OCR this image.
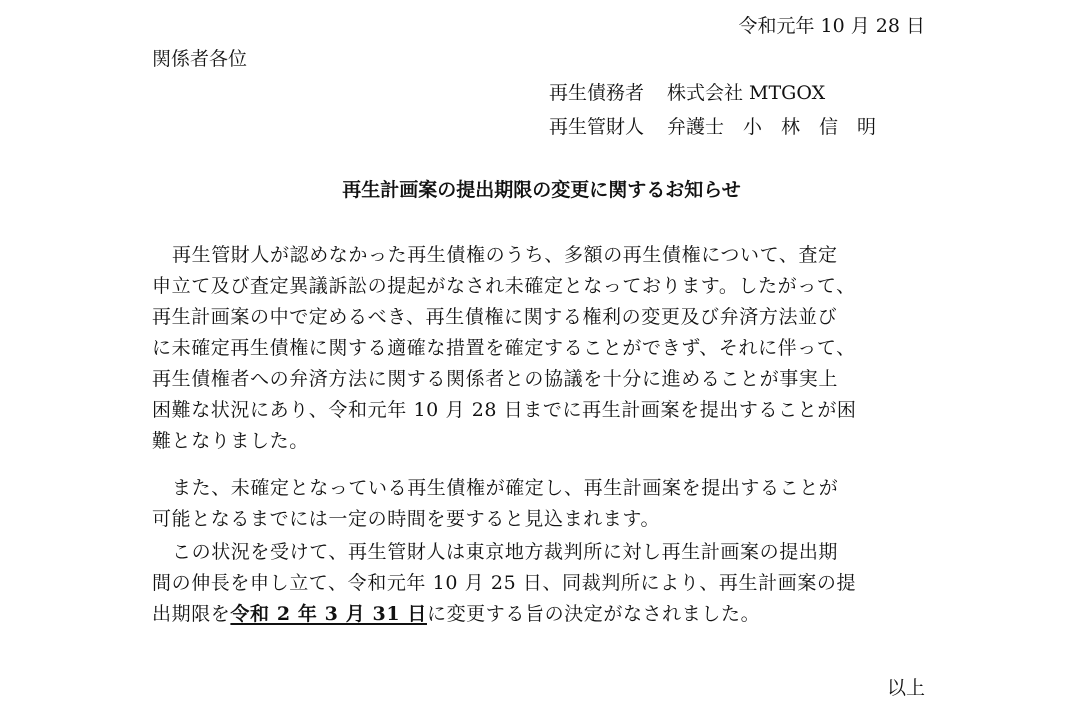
令和元年 10 月 28 日

関係者各位

再生債務者 株式会社 MTGOX

再生管財人 弁護士　小　林　信　明

再生計画案の提出期限の変更に関するお知らせ

再生管財人が認めなかった再生債権のうち、多額の再生債権について、査定
申立て及び査定異議訴訟の提起がなされ未確定となっております。したがって、
再生計画案の中で定めるべき、再生債権に関する権利の変更及び弁済方法並び
に未確定再生債権に関する適確な措置を確定することができず、それに伴って、
再生債権者への弁済方法に関する関係者との協議を十分に進めることが事実上
困難な状況にあり、令和元年 10 月 28 日までに再生計画案を提出することが困
難となりました。

また、未確定となっている再生債権が確定し、再生計画案を提出することが
可能となるまでには一定の時間を要すると見込まれます。

この状況を受けて、再生管財人は東京地方裁判所に対し再生計画案の提出期
間の伸長を申し立て、令和元年 10 月 25 日、同裁判所により、再生計画案の提
出期限を令和 2 年 3 月 31 日に変更する旨の決定がなされました。

以上
